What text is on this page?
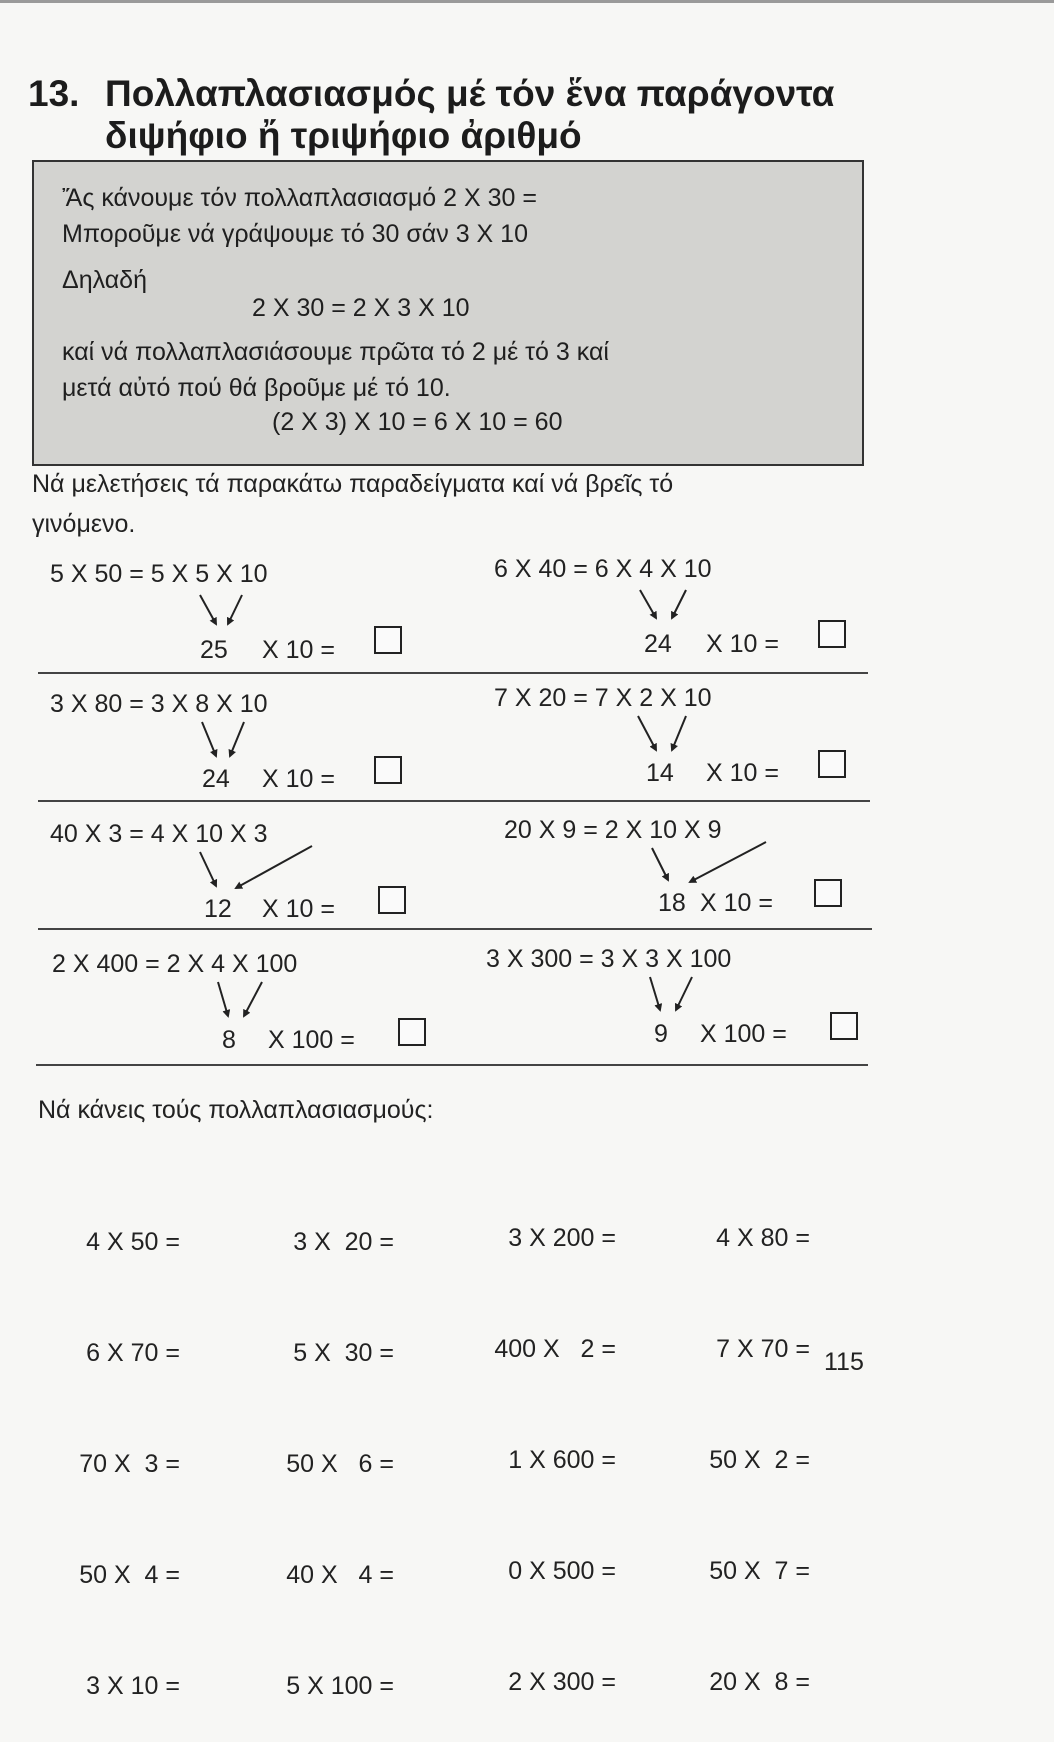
13. Πολλαπλασιασμός μέ τόν ἕνα παράγοντα
διψήφιο ἤ τριψήφιο ἀριθμό
Ἄς κάνουμε τόν πολλαπλασιασμό 2 X 30 =
Μπορoῦμε νά γράψουμε τό 30 σάν 3 X 10
Δηλαδή
2 X 30 = 2 X 3 X 10
καί νά πολλαπλασιάσουμε πρῶτα τό 2 μέ τό 3 καί
μετά αὐτό πού θά βροῦμε μέ τό 10.
(2 X 3) X 10 = 6 X 10 = 60
Νά μελετήσεις τά παρακάτω παραδείγματα καί νά βρεῖς τό
γινόμενο.
5 X 50 = 5 X 5 X 10
25 X 10 =
6 X 40 = 6 X 4 X 10
24 X 10 =
3 X 80 = 3 X 8 X 10
24 X 10 =
7 X 20 = 7 X 2 X 10
14 X 10 =
40 X 3 = 4 X 10 X 3
12 X 10 =
20 X 9 = 2 X 10 X 9
18 X 10 =
2 X 400 = 2 X 4 X 100
8 X 100 =
3 X 300 = 3 X 3 X 100
9 X 100 =
Νά κάνεις τούς πολλαπλασιασμούς:

4 X 50 =

6 X 70 =

70 X  3 =

50 X  4 =

3 X 10 =

3 X  20 =

5 X  30 =

50 X   6 =

40 X   4 =

5 X 100 =

3 X 200 =

400 X   2 =

1 X 600 =

0 X 500 =

2 X 300 =

4 X 80 =

7 X 70 =

50 X  2 =

50 X  7 =

20 X  8 =

115
